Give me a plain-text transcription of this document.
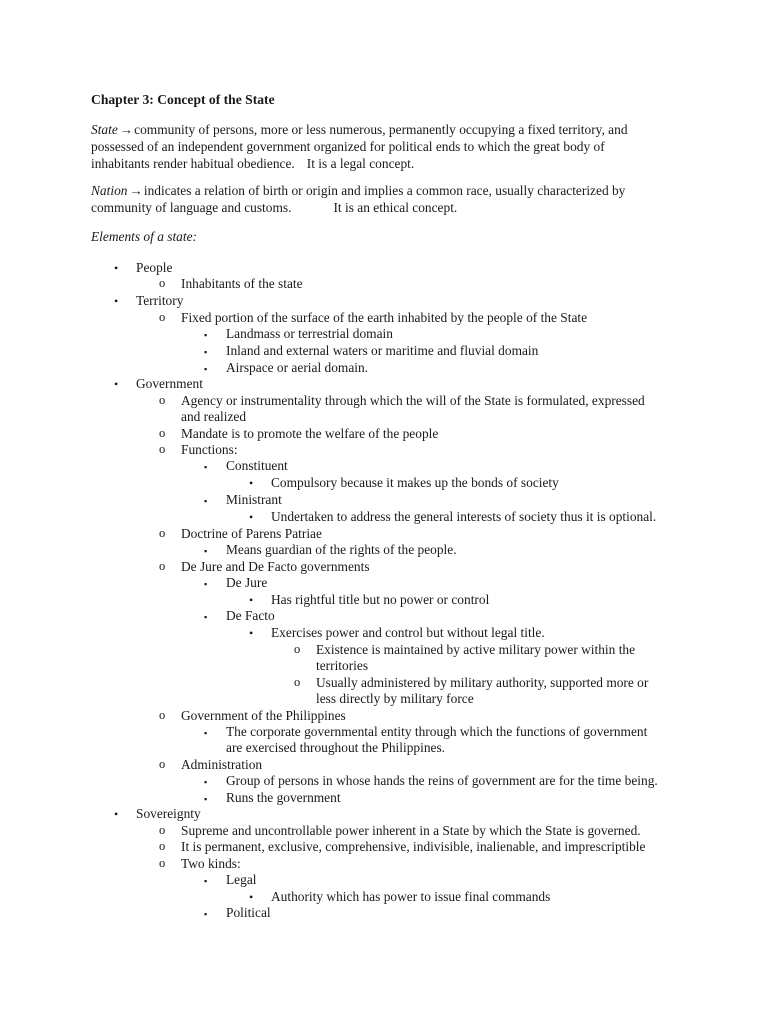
Chapter 3: Concept of the State
State →community of persons, more or less numerous, permanently occupying a fixed territory, and
possessed of an independent government organized for political ends to which the great body of
inhabitants render habitual obedience. It is a legal concept.
Nation →indicates a relation of birth or origin and implies a common race, usually characterized by
community of language and customs.	It is an ethical concept.
Elements of a state:
• People
o Inhabitants of the state
• Territory
o Fixed portion of the surface of the earth inhabited by the people of the State
▪ Landmass or terrestrial domain
▪ Inland and external waters or maritime and fluvial domain
▪ Airspace or aerial domain.
• Government
o Agency or instrumentality through which the will of the State is formulated, expressed
and realized
o Mandate is to promote the welfare of the people
o Functions:
▪ Constituent
• Compulsory because it makes up the bonds of society
▪ Ministrant
• Undertaken to address the general interests of society thus it is optional.
o Doctrine of Parens Patriae
▪ Means guardian of the rights of the people.
o De Jure and De Facto governments
▪ De Jure
• Has rightful title but no power or control
▪ De Facto
• Exercises power and control but without legal title.
o Existence is maintained by active military power within the
territories
o Usually administered by military authority, supported more or
less directly by military force
o Government of the Philippines
▪ The corporate governmental entity through which the functions of government
are exercised throughout the Philippines.
o Administration
▪ Group of persons in whose hands the reins of government are for the time being.
▪ Runs the government
• Sovereignty
o Supreme and uncontrollable power inherent in a State by which the State is governed.
o It is permanent, exclusive, comprehensive, indivisible, inalienable, and imprescriptible
o Two kinds:
▪ Legal
• Authority which has power to issue final commands
▪ Political
